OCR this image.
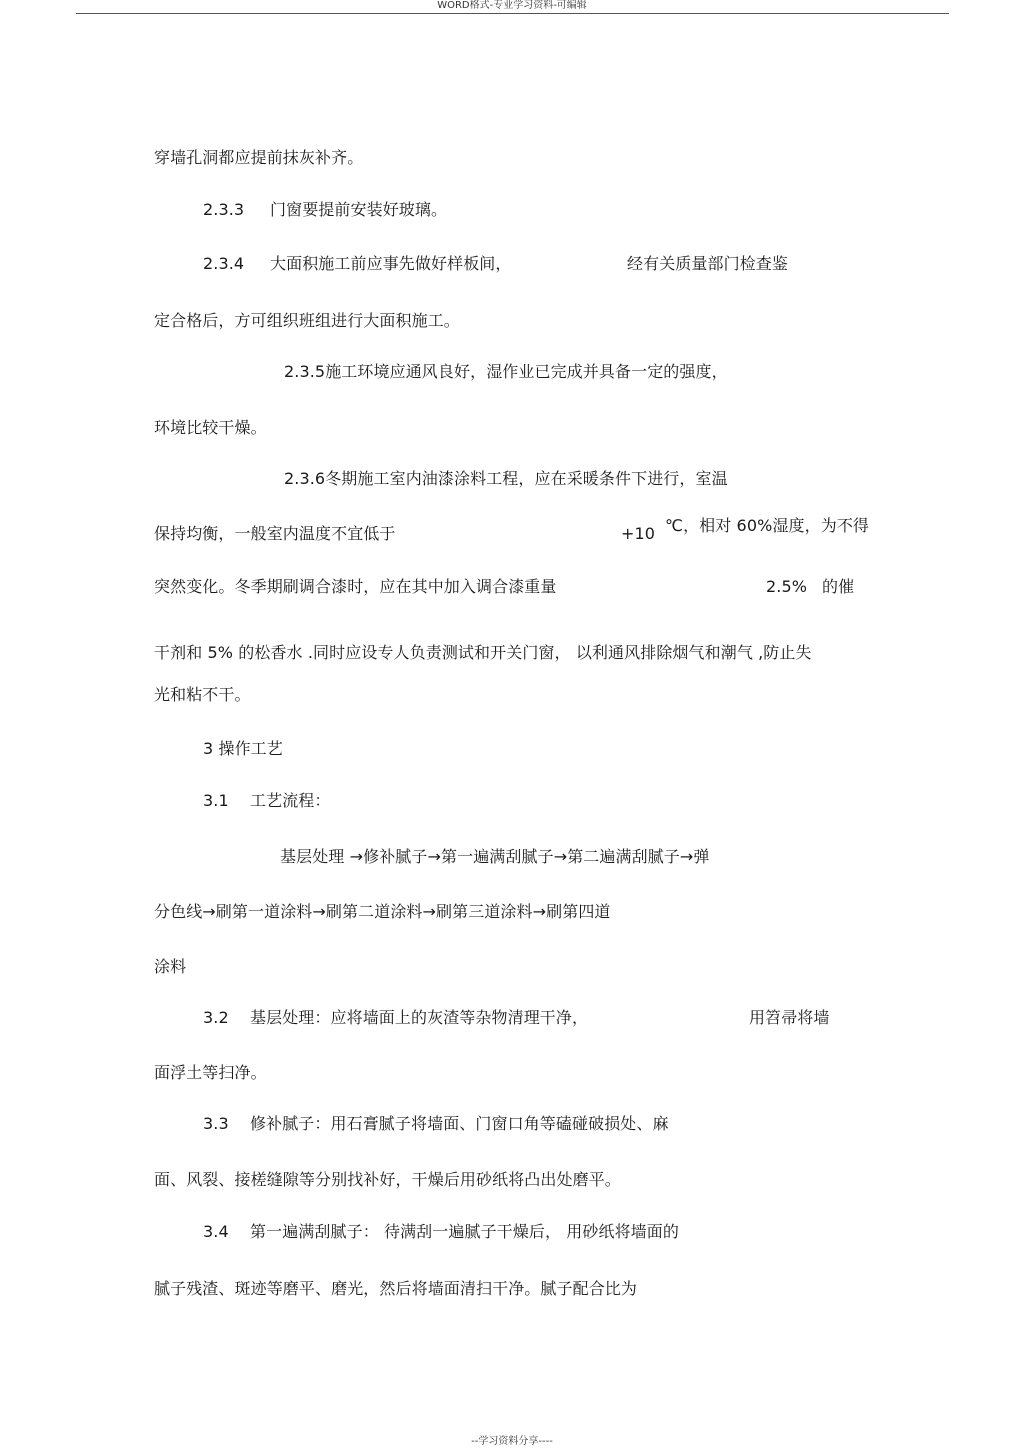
WORD格式-专业学习资料-可编辑
穿墙孔洞都应提前抹灰补齐。
2.3.3 门窗要提前安装好玻璃。
2.3.4 大面积施工前应事先做好样板间，	经有关质量部门检查鉴
定合格后，方可组织班组进行大面积施工。
2.3.5施工环境应通风良好，湿作业已完成并具备一定的强度，
环境比较干燥。
2.3.6冬期施工室内油漆涂料工程，应在采暖条件下进行，室温
保持均衡，一般室内温度不宜低于	+10 ℃，相对 60%湿度，为不得
突然变化。冬季期刷调合漆时，应在其中加入调合漆重量	2.5% 的催
干剂和 5% 的松香水 .同时应设专人负责测试和开关门窗， 以利通风排除烟气和潮气 ,防止失
光和粘不干。
3 操作工艺
3.1 工艺流程：
基层处理 →修补腻子→第一遍满刮腻子→第二遍满刮腻子→弹
分色线→刷第一道涂料→刷第二道涂料→刷第三道涂料→刷第四道
涂料
3.2 基层处理：应将墙面上的灰渣等杂物清理干净，	用笤帚将墙
面浮土等扫净。
3.3 修补腻子：用石膏腻子将墙面、门窗口角等磕碰破损处、麻
面、风裂、接槎缝隙等分别找补好，干燥后用砂纸将凸出处磨平。
3.4 第一遍满刮腻子： 待满刮一遍腻子干燥后， 用砂纸将墙面的
腻子残渣、斑迹等磨平、磨光，然后将墙面清扫干净。腻子配合比为
--学习资料分享----
